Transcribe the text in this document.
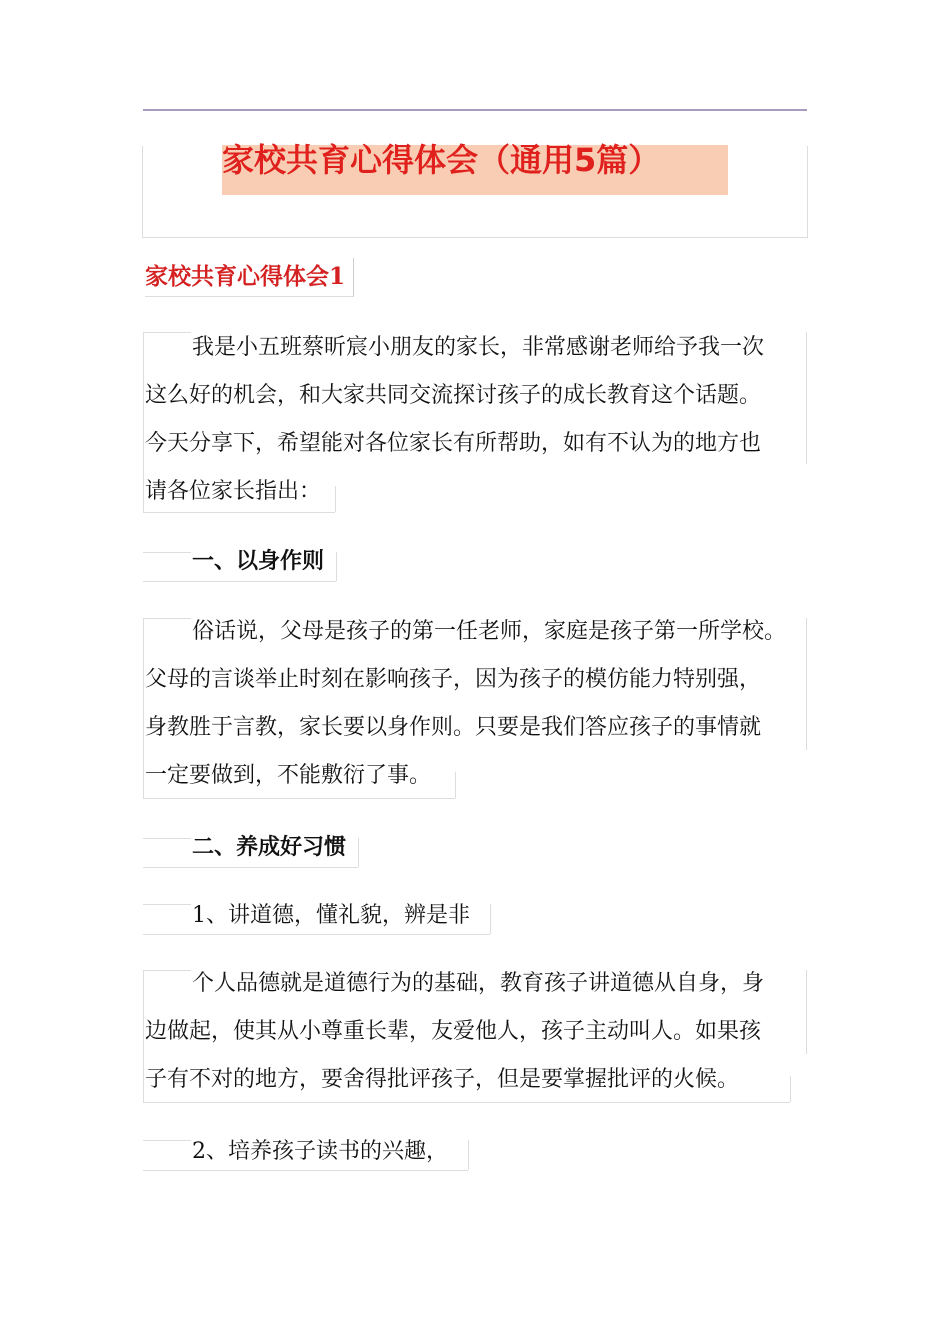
家校共育心得体会（通用5篇）
家校共育心得体会1
我是小五班蔡昕宸小朋友的家长，非常感谢老师给予我一次
这么好的机会，和大家共同交流探讨孩子的成长教育这个话题。
今天分享下，希望能对各位家长有所帮助，如有不认为的地方也
请各位家长指出：
一、以身作则
俗话说，父母是孩子的第一任老师，家庭是孩子第一所学校。
父母的言谈举止时刻在影响孩子，因为孩子的模仿能力特别强，
身教胜于言教，家长要以身作则。只要是我们答应孩子的事情就
一定要做到，不能敷衍了事。
二、养成好习惯
1、讲道德，懂礼貌，辨是非
个人品德就是道德行为的基础，教育孩子讲道德从自身，身
边做起，使其从小尊重长辈，友爱他人，孩子主动叫人。如果孩
子有不对的地方，要舍得批评孩子，但是要掌握批评的火候。
2、培养孩子读书的兴趣，
